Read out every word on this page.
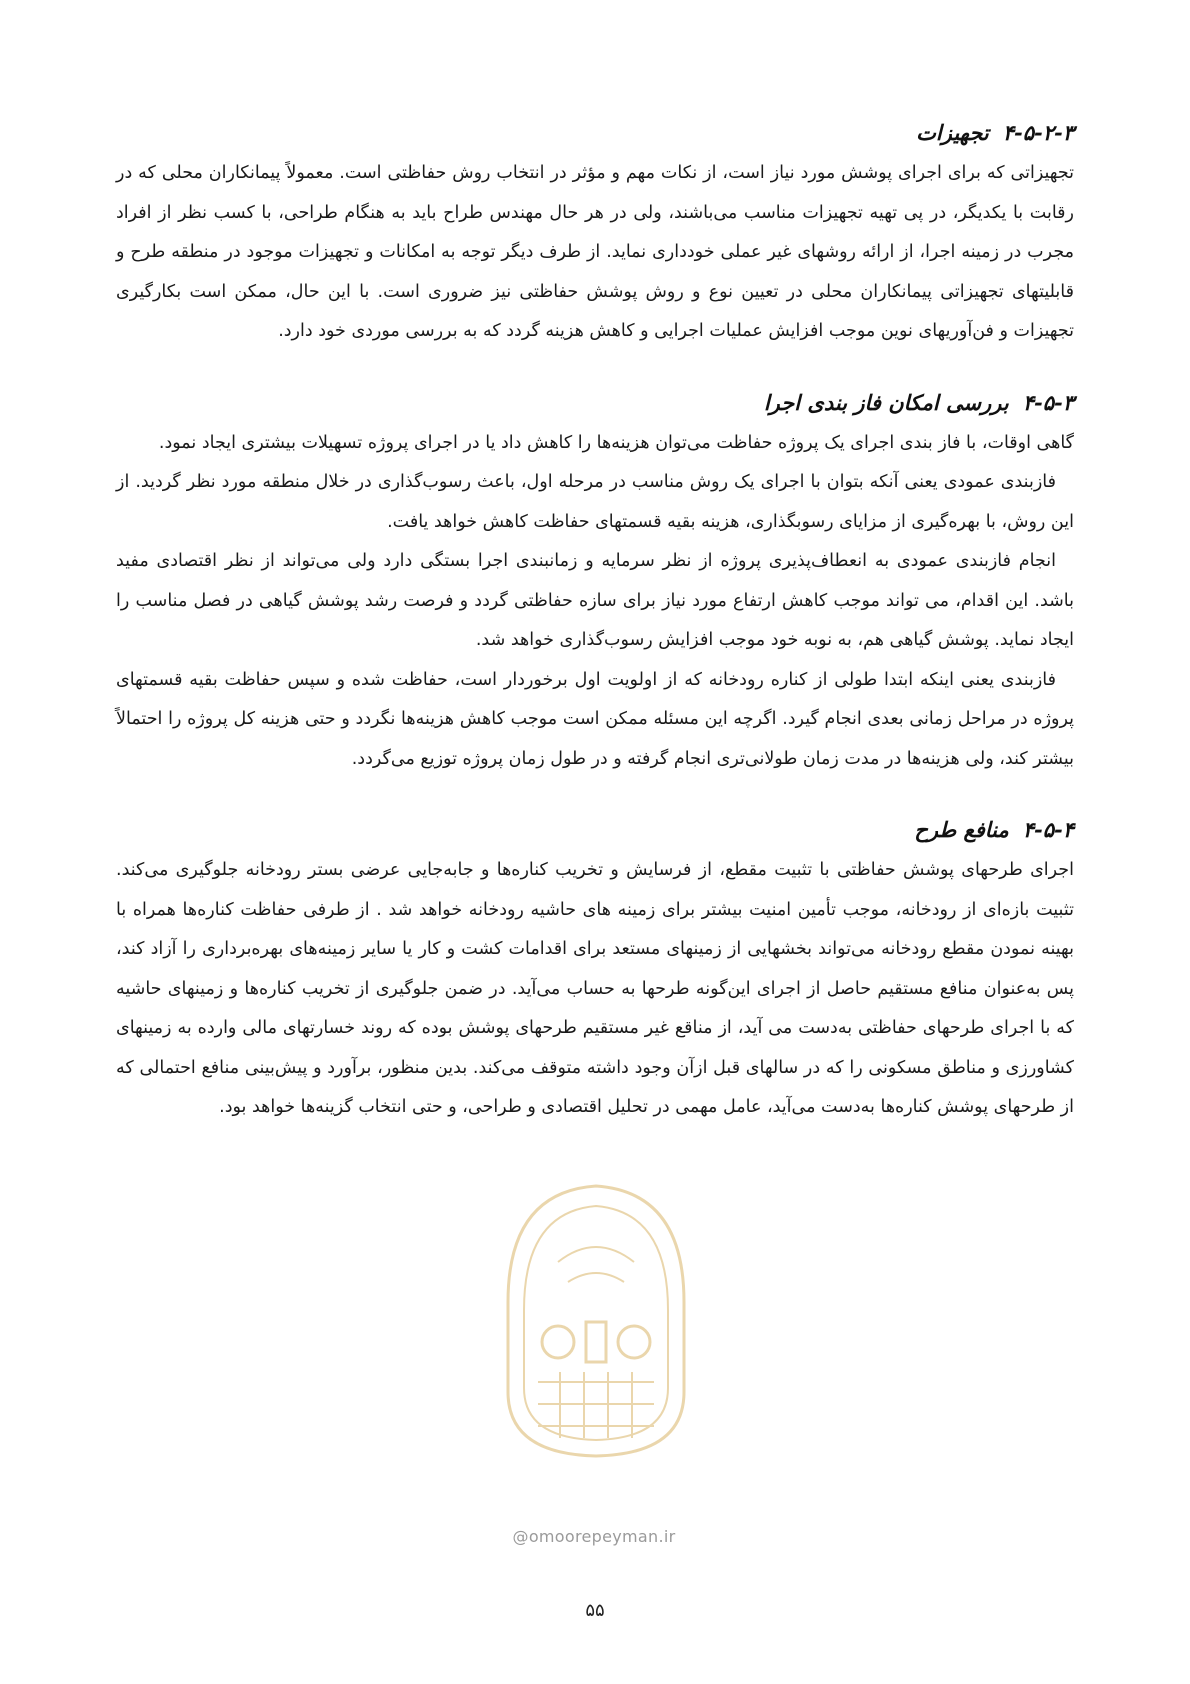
۴-۵-۲-۳تجهیزات

تجهیزاتی که برای اجرای پوشش مورد نیاز است، از نکات مهم و مؤثر در انتخاب روش حفاظتی است. معمولاً پیمانکاران محلی که در رقابت با یکدیگر، در پی تهیه تجهیزات مناسب می‌باشند، ولی در هر حال مهندس طراح باید به هنگام طراحی، با کسب نظر از افراد مجرب در زمینه اجرا، از ارائه روشهای غیر عملی خودداری نماید. از طرف دیگر توجه به امکانات و تجهیزات موجود در منطقه طرح و قابلیتهای تجهیزاتی پیمانکاران محلی در تعیین نوع و روش پوشش حفاظتی نیز ضروری است. با این حال، ممکن است بکارگیری تجهیزات و فن‌آوریهای نوین موجب افزایش عملیات اجرایی و کاهش هزینه گردد که به بررسی موردی خود دارد.

۴-۵-۳بررسی امکان فاز بندی اجرا

گاهی اوقات، با فاز بندی اجرای یک پروژه حفاظت می‌توان هزینه‌ها را کاهش داد یا در اجرای پروژه تسهیلات بیشتری ایجاد نمود.

فازبندی عمودی یعنی آنکه بتوان با اجرای یک روش مناسب در مرحله اول، باعث رسوب‌گذاری در خلال منطقه مورد نظر گردید. از این روش، با بهره‌گیری از مزایای رسوبگذاری، هزینه بقیه قسمتهای حفاظت کاهش خواهد یافت.

انجام فازبندی عمودی به انعطاف‌پذیری پروژه از نظر سرمایه و زمانبندی اجرا بستگی دارد ولی می‌تواند از نظر اقتصادی مفید باشد. این اقدام، می تواند موجب کاهش ارتفاع مورد نیاز برای سازه حفاظتی گردد و فرصت رشد پوشش گیاهی در فصل مناسب را ایجاد نماید. پوشش گیاهی هم، به نوبه خود موجب افزایش رسوب‌گذاری خواهد شد.

فازبندی یعنی اینکه ابتدا طولی از کناره رودخانه که از اولویت اول برخوردار است، حفاظت شده و سپس حفاظت بقیه قسمتهای پروژه در مراحل زمانی بعدی انجام گیرد. اگرچه این مسئله ممکن است موجب کاهش هزینه‌ها نگردد و حتی هزینه کل پروژه را احتمالاً بیشتر کند، ولی هزینه‌ها در مدت زمان طولانی‌تری انجام گرفته و در طول زمان پروژه توزیع می‌گردد.

۴-۵-۴منافع طرح

اجرای طرحهای پوشش حفاظتی با تثبیت مقطع، از فرسایش و تخریب کناره‌ها و جابه‌جایی عرضی بستر رودخانه جلوگیری می‌کند. تثبیت بازه‌ای از رودخانه، موجب تأمین امنیت بیشتر برای زمینه های حاشیه رودخانه خواهد شد . از طرفی حفاظت کناره‌ها همراه با بهینه نمودن مقطع رودخانه می‌تواند بخشهایی از زمینهای مستعد برای اقدامات کشت و کار یا سایر زمینه‌های بهره‌برداری را آزاد کند، پس به‌عنوان منافع مستقیم حاصل از اجرای این‌گونه طرحها به حساب می‌آید. در ضمن جلوگیری از تخریب کناره‌ها و زمینهای حاشیه که با اجرای طرحهای حفاظتی به‌دست می آید، از مناقع غیر مستقیم طرحهای پوشش بوده که روند خسارتهای مالی وارده به زمینهای کشاورزی و مناطق مسکونی را که در سالهای قبل ازآن وجود داشته متوقف می‌کند. بدین منظور، برآورد و پیش‌بینی منافع احتمالی که از طرحهای پوشش کناره‌ها به‌دست می‌آید، عامل مهمی در تحلیل اقتصادی و طراحی، و حتی انتخاب گزینه‌ها خواهد بود.

@omoorepeyman.ir
۵۵
